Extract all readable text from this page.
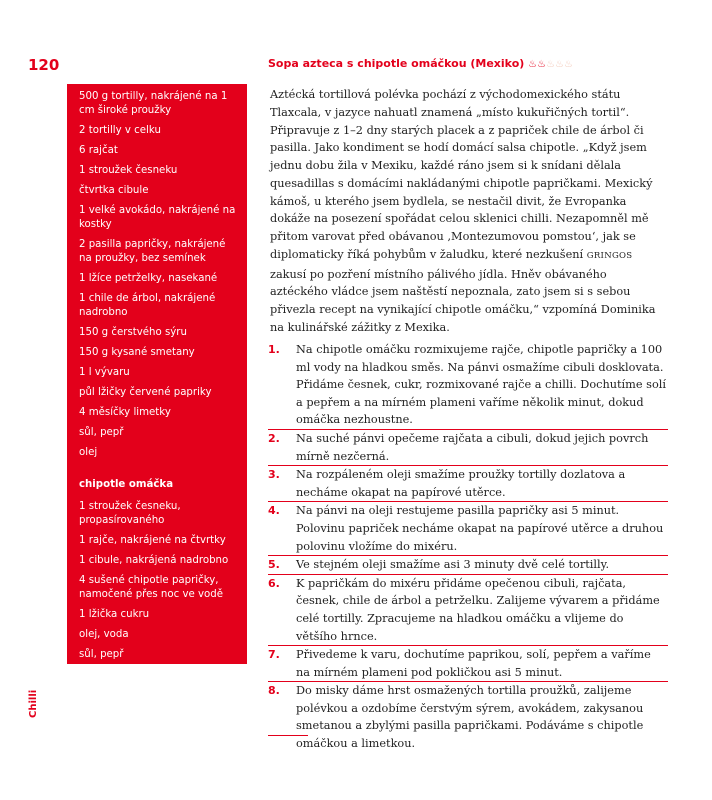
120
Chilli
Sopa azteca s chipotle omáčkou (Mexiko) ♨♨♨♨♨
500 g tortilly, nakrájené na 1 cm široké proužky
2 tortilly v celku
6 rajčat
1 stroužek česneku
čtvrtka cibule
1 velké avokádo, nakrájené na kostky
2 pasilla papričky, nakrájené na proužky, bez semínek
1 lžíce petrželky, nasekané
1 chile de árbol, nakrájené nadrobno
150 g čerstvého sýru
150 g kysané smetany
1 l vývaru
půl lžičky červené papriky
4 měsíčky limetky
sůl, pepř
olej
chipotle omáčka
1 stroužek česneku, propasírovaného
1 rajče, nakrájené na čtvrtky
1 cibule, nakrájená nadrobno
4 sušené chipotle papričky, namočené přes noc ve vodě
1 lžička cukru
olej, voda
sůl, pepř
Aztécká tortillová polévka pochází z východomexického státu Tlaxcala, v jazyce nahuatl znamená „místo kukuřičných tortil“. Připravuje z 1–2 dny starých placek a z papriček chile de árbol či pasilla. Jako kondiment se hodí domácí salsa chipotle. „Když jsem jednu dobu žila v Mexiku, každé ráno jsem si k snídani dělala quesadillas s domácími nakládanými chipotle papričkami. Mexický kámoš, u kterého jsem bydlela, se nestačil divit, že Evropanka dokáže na posezení spořádat celou sklenici chilli. Nezapomněl mě přitom varovat před obávanou ‚Montezumovou pomstou‘, jak se diplomaticky říká pohybům v žaludku, které nezkušení GRINGOS zakusí po pozření místního pálivého jídla. Hněv obávaného aztéckého vládce jsem naštěstí nepoznala, zato jsem si s sebou přivezla recept na vynikající chipotle omáčku,“ vzpomíná Dominika na kulinářské zážitky z Mexika.
1. Na chipotle omáčku rozmixujeme rajče, chipotle papričky a 100 ml vody na hladkou směs. Na pánvi osmažíme cibuli dosklovata. Přidáme česnek, cukr, rozmixované rajče a chilli. Dochutíme solí a pepřem a na mírném plameni vaříme několik minut, dokud omáčka nezhoustne.
2. Na suché pánvi opečeme rajčata a cibuli, dokud jejich povrch mírně nezčerná.
3. Na rozpáleném oleji smažíme proužky tortilly dozlatova a necháme okapat na papírové utěrce.
4. Na pánvi na oleji restujeme pasilla papričky asi 5 minut. Polovinu papriček necháme okapat na papírové utěrce a druhou polovinu vložíme do mixéru.
5. Ve stejném oleji smažíme asi 3 minuty dvě celé tortilly.
6. K papričkám do mixéru přidáme opečenou cibuli, rajčata, česnek, chile de árbol a petrželku. Zalijeme vývarem a přidáme celé tortilly. Zpracujeme na hladkou omáčku a vlijeme do většího hrnce.
7. Přivedeme k varu, dochutíme paprikou, solí, pepřem a vaříme na mírném plameni pod pokličkou asi 5 minut.
8. Do misky dáme hrst osmažených tortilla proužků, zalijeme polévkou a ozdobíme čerstvým sýrem, avokádem, zakysanou smetanou a zbylými pasilla papričkami. Podáváme s chipotle omáčkou a limetkou.
